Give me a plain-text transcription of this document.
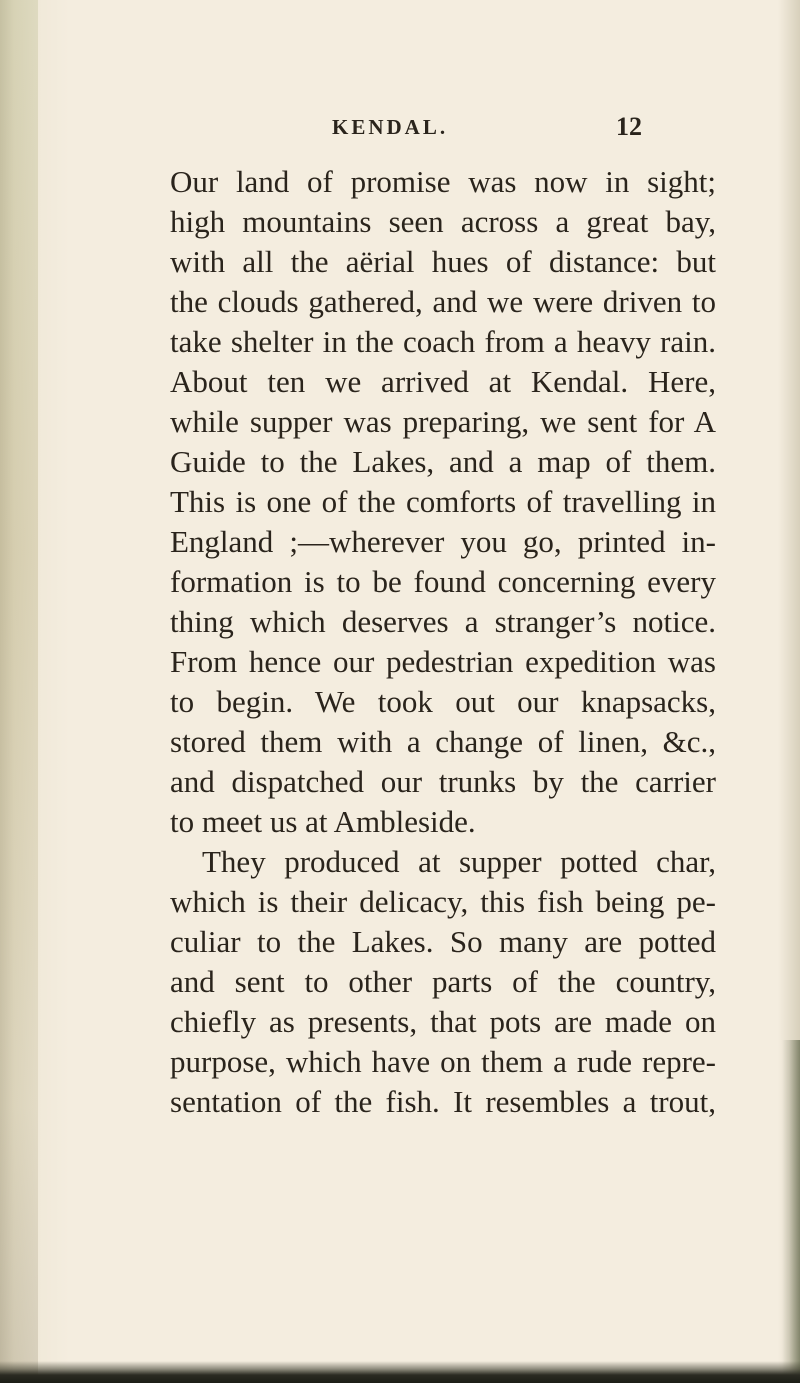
KENDAL.	12
Our land of promise was now in sight;
high mountains seen across a great bay,
with all the aërial hues of distance: but
the clouds gathered, and we were driven to
take shelter in the coach from a heavy rain.
About ten we arrived at Kendal. Here,
while supper was preparing, we sent for A
Guide to the Lakes, and a map of them.
This is one of the comforts of travelling in
England ;—wherever you go, printed in-
formation is to be found concerning every
thing which deserves a stranger’s notice.
From hence our pedestrian expedition was
to begin. We took out our knapsacks,
stored them with a change of linen, &c.,
and dispatched our trunks by the carrier
to meet us at Ambleside.
They produced at supper potted char,
which is their delicacy, this fish being pe-
culiar to the Lakes. So many are potted
and sent to other parts of the country,
chiefly as presents, that pots are made on
purpose, which have on them a rude repre-
sentation of the fish. It resembles a trout,
